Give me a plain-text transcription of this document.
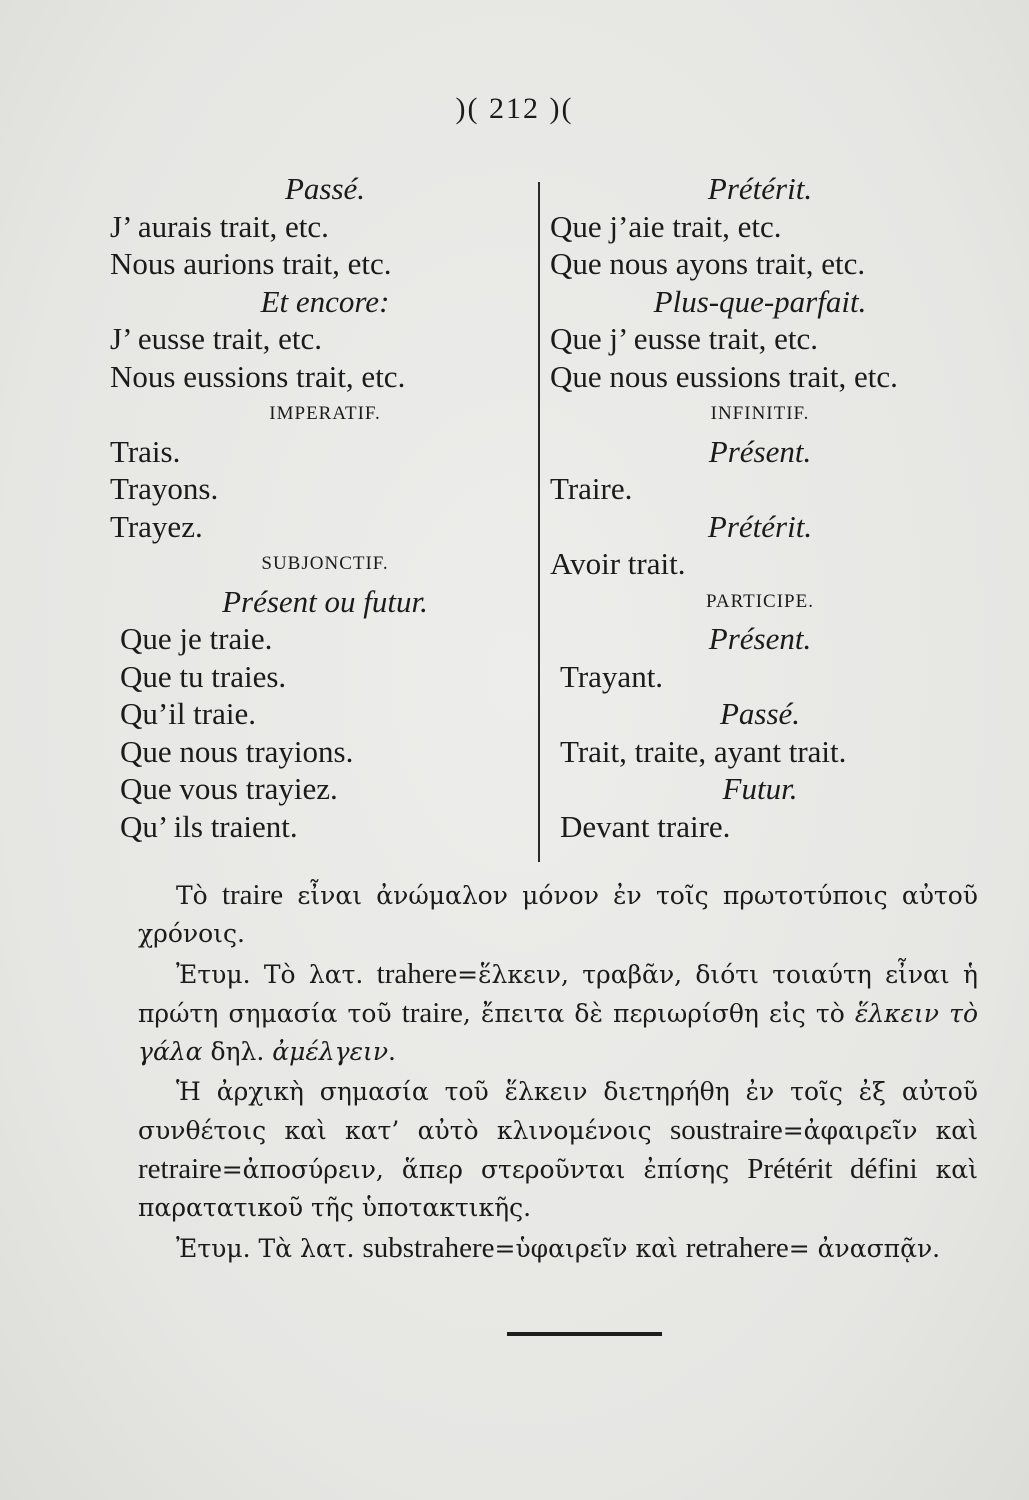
)( 212 )(
Passé.
J’ aurais trait, etc.
Nous aurions trait, etc.
Et encore:
J’ eusse trait, etc.
Nous eussions trait, etc.
IMPERATIF.
Trais.
Trayons.
Trayez.
SUBJONCTIF.
Présent ou futur.
Que je traie.
Que tu traies.
Qu’il traie.
Que nous trayions.
Que vous trayiez.
Qu’ ils traient.
Prétérit.
Que j’aie trait, etc.
Que nous ayons trait, etc.
Plus-que-parfait.
Que j’ eusse trait, etc.
Que nous eussions trait, etc.
INFINITIF.
Présent.
Traire.
Prétérit.
Avoir trait.
PARTICIPE.
Présent.
Trayant.
Passé.
Trait, traite, ayant trait.
Futur.
Devant traire.

Τὸ traire εἶναι ἀνώμαλον μόνον ἐν τοῖς πρωτοτύποις αὐτοῦ χρόνοις.

Ἐτυμ. Τὸ λατ. trahere=ἕλκειν, τραβᾶν, διότι τοιαύτη εἶναι ἡ πρώτη σημασία τοῦ traire, ἔπειτα δὲ περιωρίσθη εἰς τὸ ἕλκειν τὸ γάλα δηλ. ἀμέλγειν.

Ἡ ἀρχικὴ σημασία τοῦ ἕλκειν διετηρήθη ἐν τοῖς ἐξ αὐτοῦ συνθέτοις καὶ κατ’ αὐτὸ κλινομένοις soustraire=ἀφαιρεῖν καὶ retraire=ἀποσύρειν, ἅπερ στεροῦνται ἐπίσης Prétérit défini καὶ παρατατικοῦ τῆς ὑποτακτικῆς.

Ἐτυμ. Τὰ λατ. substrahere=ὑφαιρεῖν καὶ retrahere= ἀνασπᾷν.
